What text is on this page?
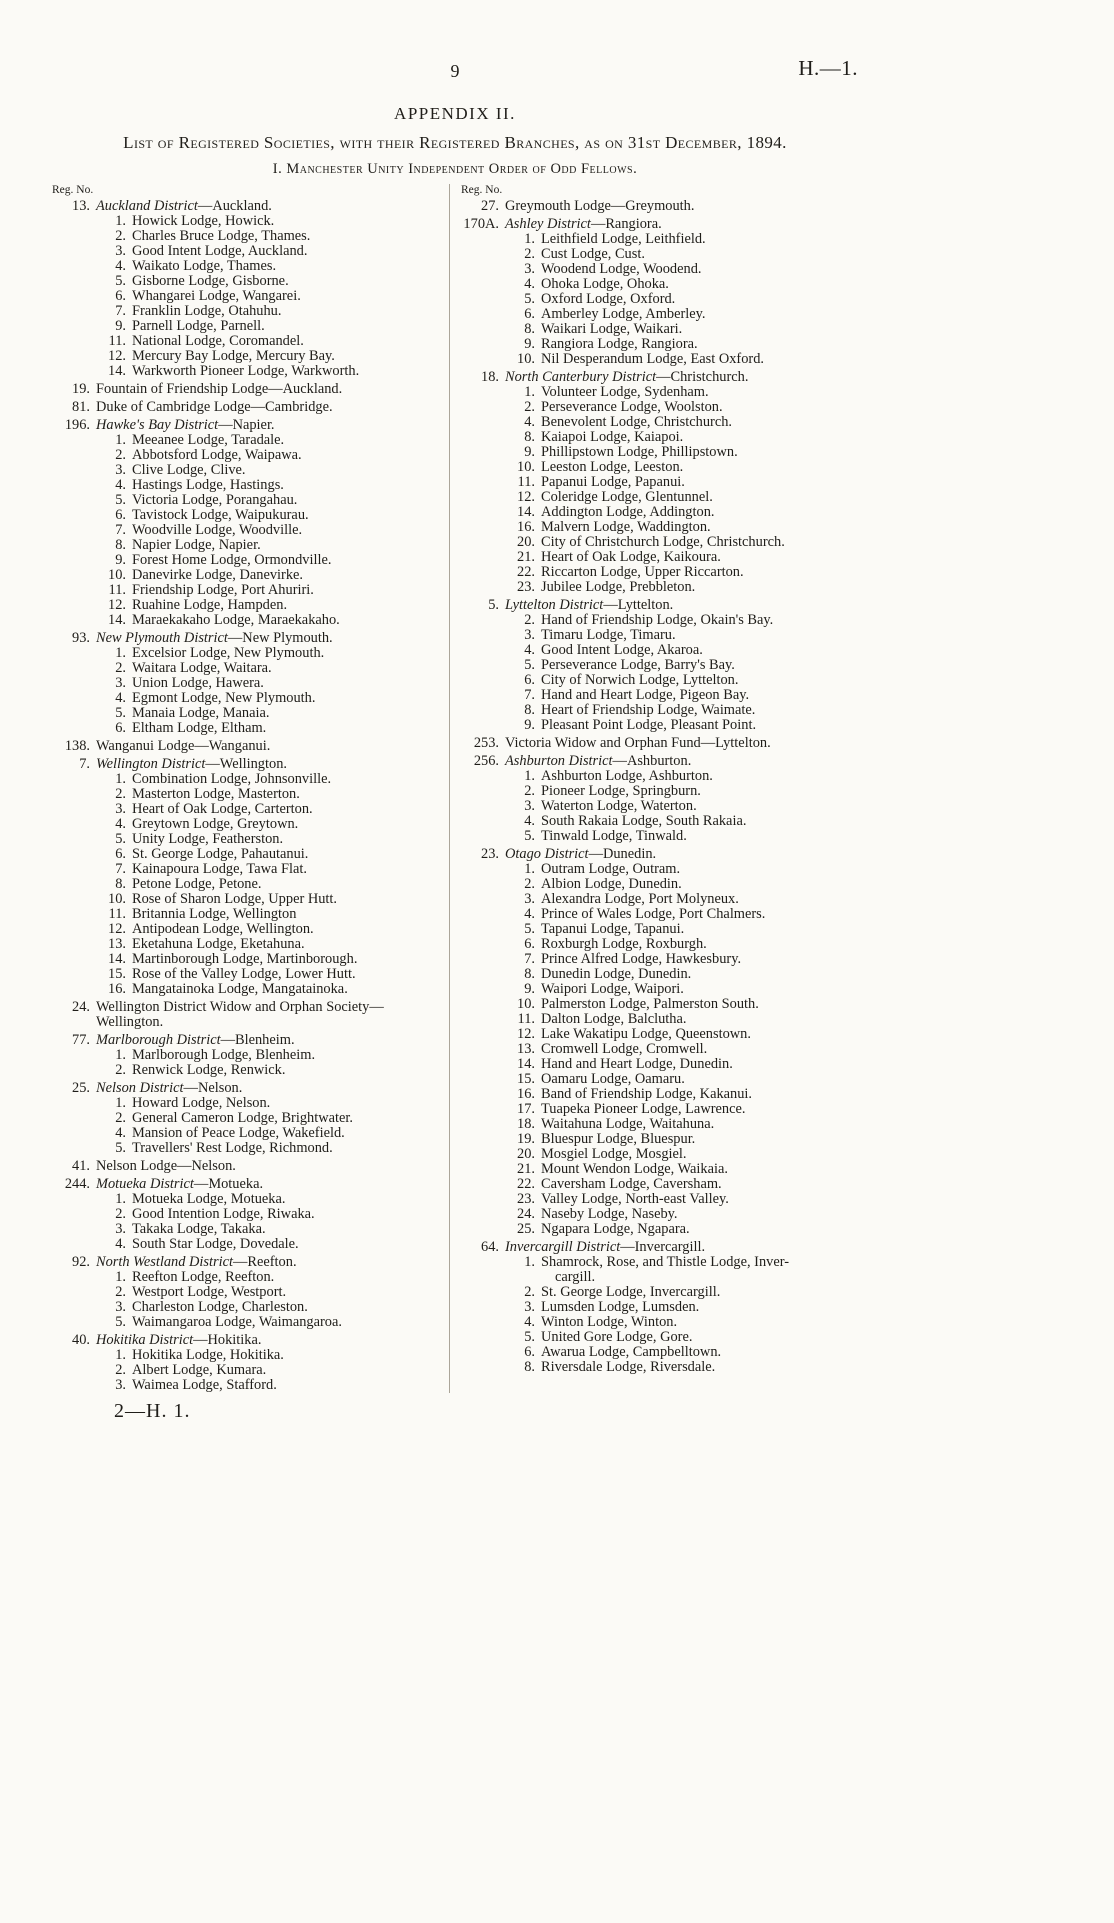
9	H.—1.
APPENDIX II.
List of Registered Societies, with their Registered Branches, as on 31st December, 1894.
I. Manchester Unity Independent Order of Odd Fellows.
Reg. No.
13. Auckland District—Auckland.
1. Howick Lodge, Howick.
2. Charles Bruce Lodge, Thames.
3. Good Intent Lodge, Auckland.
4. Waikato Lodge, Thames.
5. Gisborne Lodge, Gisborne.
6. Whangarei Lodge, Wangarei.
7. Franklin Lodge, Otahuhu.
9. Parnell Lodge, Parnell.
11. National Lodge, Coromandel.
12. Mercury Bay Lodge, Mercury Bay.
14. Warkworth Pioneer Lodge, Warkworth.
19. Fountain of Friendship Lodge—Auckland.
81. Duke of Cambridge Lodge—Cambridge.
196. Hawke's Bay District—Napier.
1. Meeanee Lodge, Taradale.
2. Abbotsford Lodge, Waipawa.
3. Clive Lodge, Clive.
4. Hastings Lodge, Hastings.
5. Victoria Lodge, Porangahau.
6. Tavistock Lodge, Waipukurau.
7. Woodville Lodge, Woodville.
8. Napier Lodge, Napier.
9. Forest Home Lodge, Ormondville.
10. Danevirke Lodge, Danevirke.
11. Friendship Lodge, Port Ahuriri.
12. Ruahine Lodge, Hampden.
14. Maraekakaho Lodge, Maraekakaho.
93. New Plymouth District—New Plymouth.
1. Excelsior Lodge, New Plymouth.
2. Waitara Lodge, Waitara.
3. Union Lodge, Hawera.
4. Egmont Lodge, New Plymouth.
5. Manaia Lodge, Manaia.
6. Eltham Lodge, Eltham.
138. Wanganui Lodge—Wanganui.
7. Wellington District—Wellington.
1. Combination Lodge, Johnsonville.
2. Masterton Lodge, Masterton.
3. Heart of Oak Lodge, Carterton.
4. Greytown Lodge, Greytown.
5. Unity Lodge, Featherston.
6. St. George Lodge, Pahautanui.
7. Kainapoura Lodge, Tawa Flat.
8. Petone Lodge, Petone.
10. Rose of Sharon Lodge, Upper Hutt.
11. Britannia Lodge, Wellington
12. Antipodean Lodge, Wellington.
13. Eketahuna Lodge, Eketahuna.
14. Martinborough Lodge, Martinborough.
15. Rose of the Valley Lodge, Lower Hutt.
16. Mangatainoka Lodge, Mangatainoka.
24. Wellington District Widow and Orphan Society—
Wellington.
77. Marlborough District—Blenheim.
1. Marlborough Lodge, Blenheim.
2. Renwick Lodge, Renwick.
25. Nelson District—Nelson.
1. Howard Lodge, Nelson.
2. General Cameron Lodge, Brightwater.
4. Mansion of Peace Lodge, Wakefield.
5. Travellers' Rest Lodge, Richmond.
41. Nelson Lodge—Nelson.
244. Motueka District—Motueka.
1. Motueka Lodge, Motueka.
2. Good Intention Lodge, Riwaka.
3. Takaka Lodge, Takaka.
4. South Star Lodge, Dovedale.
92. North Westland District—Reefton.
1. Reefton Lodge, Reefton.
2. Westport Lodge, Westport.
3. Charleston Lodge, Charleston.
5. Waimangaroa Lodge, Waimangaroa.
40. Hokitika District—Hokitika.
1. Hokitika Lodge, Hokitika.
2. Albert Lodge, Kumara.
3. Waimea Lodge, Stafford.
Reg. No.
27. Greymouth Lodge—Greymouth.
170A. Ashley District—Rangiora.
1. Leithfield Lodge, Leithfield.
2. Cust Lodge, Cust.
3. Woodend Lodge, Woodend.
4. Ohoka Lodge, Ohoka.
5. Oxford Lodge, Oxford.
6. Amberley Lodge, Amberley.
8. Waikari Lodge, Waikari.
9. Rangiora Lodge, Rangiora.
10. Nil Desperandum Lodge, East Oxford.
18. North Canterbury District—Christchurch.
1. Volunteer Lodge, Sydenham.
2. Perseverance Lodge, Woolston.
4. Benevolent Lodge, Christchurch.
8. Kaiapoi Lodge, Kaiapoi.
9. Phillipstown Lodge, Phillipstown.
10. Leeston Lodge, Leeston.
11. Papanui Lodge, Papanui.
12. Coleridge Lodge, Glentunnel.
14. Addington Lodge, Addington.
16. Malvern Lodge, Waddington.
20. City of Christchurch Lodge, Christchurch.
21. Heart of Oak Lodge, Kaikoura.
22. Riccarton Lodge, Upper Riccarton.
23. Jubilee Lodge, Prebbleton.
5. Lyttelton District—Lyttelton.
2. Hand of Friendship Lodge, Okain's Bay.
3. Timaru Lodge, Timaru.
4. Good Intent Lodge, Akaroa.
5. Perseverance Lodge, Barry's Bay.
6. City of Norwich Lodge, Lyttelton.
7. Hand and Heart Lodge, Pigeon Bay.
8. Heart of Friendship Lodge, Waimate.
9. Pleasant Point Lodge, Pleasant Point.
253. Victoria Widow and Orphan Fund—Lyttelton.
256. Ashburton District—Ashburton.
1. Ashburton Lodge, Ashburton.
2. Pioneer Lodge, Springburn.
3. Waterton Lodge, Waterton.
4. South Rakaia Lodge, South Rakaia.
5. Tinwald Lodge, Tinwald.
23. Otago District—Dunedin.
1. Outram Lodge, Outram.
2. Albion Lodge, Dunedin.
3. Alexandra Lodge, Port Molyneux.
4. Prince of Wales Lodge, Port Chalmers.
5. Tapanui Lodge, Tapanui.
6. Roxburgh Lodge, Roxburgh.
7. Prince Alfred Lodge, Hawkesbury.
8. Dunedin Lodge, Dunedin.
9. Waipori Lodge, Waipori.
10. Palmerston Lodge, Palmerston South.
11. Dalton Lodge, Balclutha.
12. Lake Wakatipu Lodge, Queenstown.
13. Cromwell Lodge, Cromwell.
14. Hand and Heart Lodge, Dunedin.
15. Oamaru Lodge, Oamaru.
16. Band of Friendship Lodge, Kakanui.
17. Tuapeka Pioneer Lodge, Lawrence.
18. Waitahuna Lodge, Waitahuna.
19. Bluespur Lodge, Bluespur.
20. Mosgiel Lodge, Mosgiel.
21. Mount Wendon Lodge, Waikaia.
22. Caversham Lodge, Caversham.
23. Valley Lodge, North-east Valley.
24. Naseby Lodge, Naseby.
25. Ngapara Lodge, Ngapara.
64. Invercargill District—Invercargill.
1. Shamrock, Rose, and Thistle Lodge, Inver-
cargill.
2. St. George Lodge, Invercargill.
3. Lumsden Lodge, Lumsden.
4. Winton Lodge, Winton.
5. United Gore Lodge, Gore.
6. Awarua Lodge, Campbelltown.
8. Riversdale Lodge, Riversdale.
2—H. 1.
